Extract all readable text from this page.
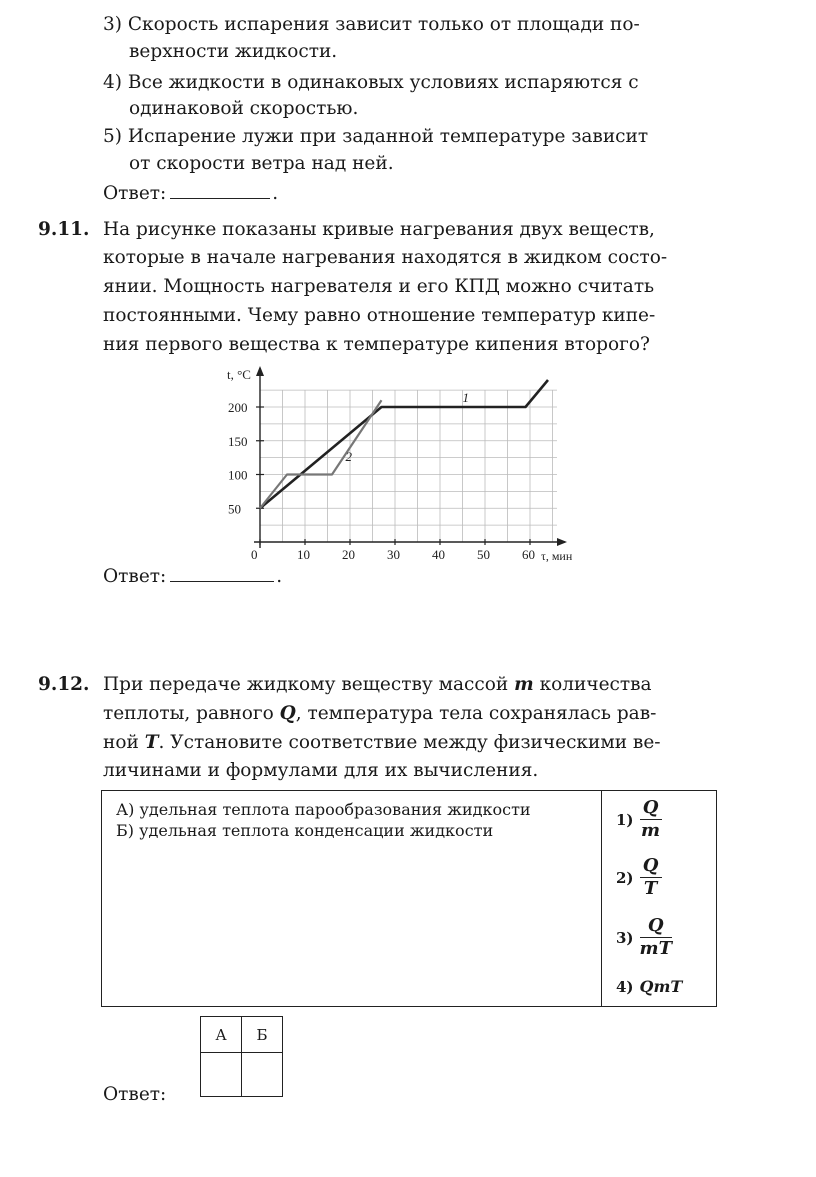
3) Скорость испарения зависит только от площади по-
верхности жидкости.
4) Все жидкости в одинаковых условиях испаряются с
одинаковой скоростью.
5) Испарение лужи при заданной температуре зависит
от скорости ветра над ней.
Ответ:	.
9.11. На рисунке показаны кривые нагревания двух веществ,
которые в начале нагревания находятся в жидком состо-
янии. Мощность нагревателя и его КПД можно считать
постоянными. Чему равно отношение температур кипе-
ния первого вещества к температуре кипения второго?
0	10 20 30 40 50 60
50
100
150
200
1
2
t, °C
τ, мин
Ответ:	.
9.12. При передаче жидкому веществу массой m количества
теплоты, равного Q, температура тела сохранялась рав-
ной T. Установите соответствие между физическими ве-
личинами и формулами для их вычисления.
А) удельная теплота парообразования жидкости
Б) удельная теплота конденсации жидкости
$1) \frac{Q}{m}$
$2) \frac{Q}{T}$
$3) \frac{Q}{mT}$
4) QmT
А	Б

Ответ:
